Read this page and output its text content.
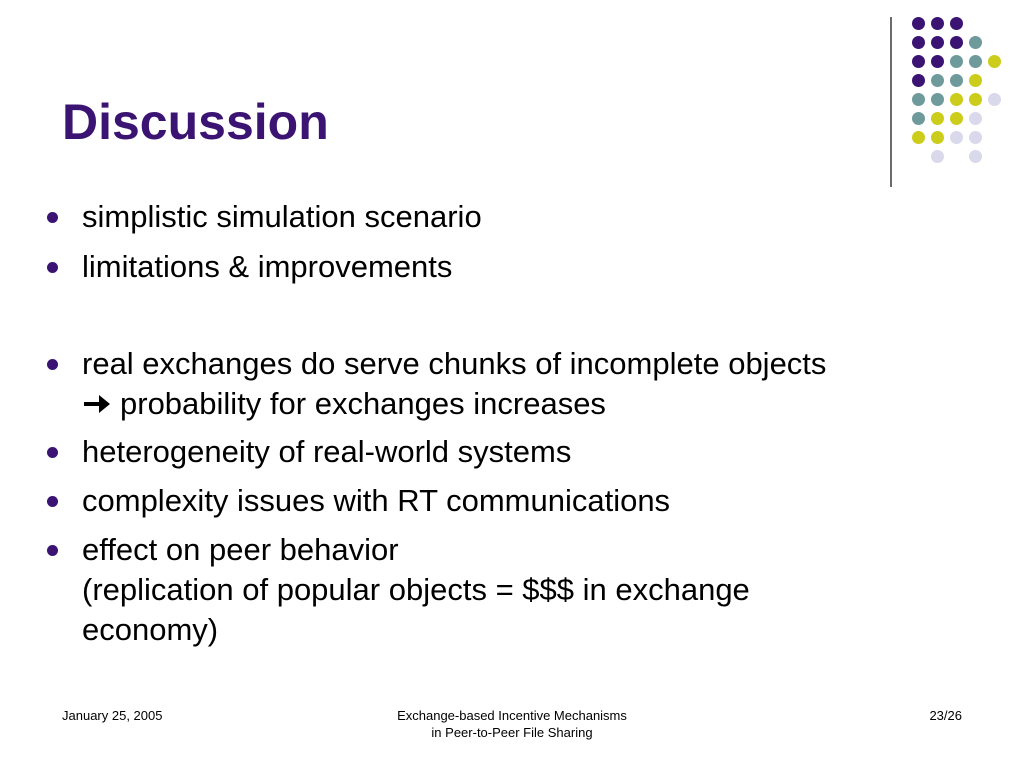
Discussion
simplistic simulation scenario
limitations & improvements
real exchanges do serve chunks of incomplete objects
probability for exchanges increases
heterogeneity of real-world systems
complexity issues with RT communications
effect on peer behavior
(replication of popular objects = $$$ in exchange
economy)
January 25, 2005	Exchange-based Incentive Mechanisms
in Peer-to-Peer File Sharing
23/26
